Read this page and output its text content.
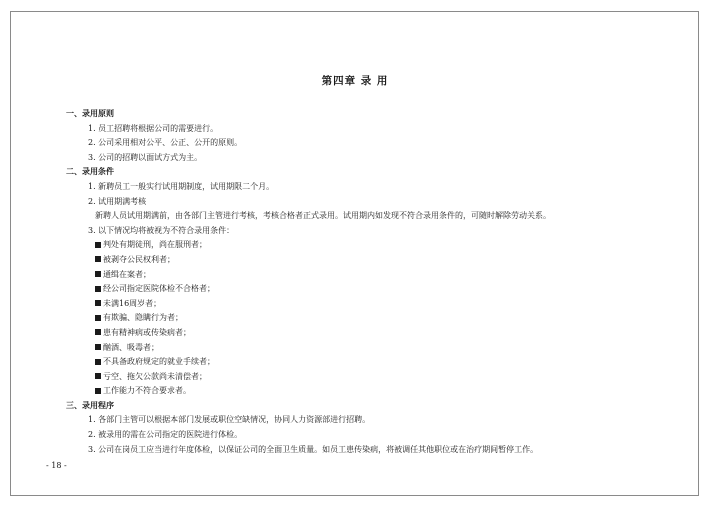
第四章 录 用
一、录用原则
1. 员工招聘将根据公司的需要进行。
2. 公司采用相对公平、公正、公开的原则。
3. 公司的招聘以面试方式为主。
二、录用条件
1. 新聘员工一般实行试用期制度，试用期限二个月。
2. 试用期满考核
新聘人员试用期满前，由各部门主管进行考核，考核合格者正式录用。试用期内如发现不符合录用条件的，可随时解除劳动关系。
3. 以下情况均将被视为不符合录用条件：
判处有期徒刑，尚在服刑者；
被剥夺公民权利者；
通缉在案者；
经公司指定医院体检不合格者；
未满16周岁者；
有欺骗、隐瞒行为者；
患有精神病或传染病者；
酗酒、吸毒者；
不具备政府规定的就业手续者；
亏空、拖欠公款尚未清偿者；
工作能力不符合要求者。
三、录用程序
1. 各部门主管可以根据本部门发展或职位空缺情况，协同人力资源部进行招聘。
2. 被录用的需在公司指定的医院进行体检。
3. 公司在岗员工应当进行年度体检，以保证公司的全面卫生质量。如员工患传染病，将被调任其他职位或在治疗期间暂停工作。
- 18 -
